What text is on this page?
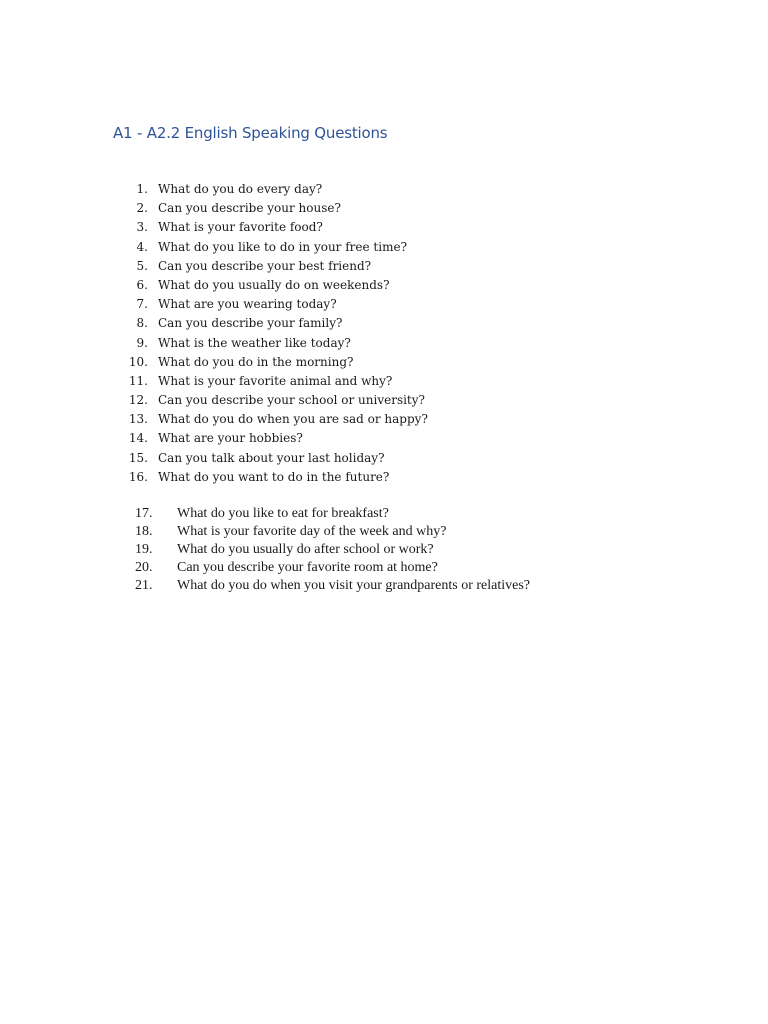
A1 - A2.2 English Speaking Questions
1. What do you do every day?
2. Can you describe your house?
3. What is your favorite food?
4. What do you like to do in your free time?
5. Can you describe your best friend?
6. What do you usually do on weekends?
7. What are you wearing today?
8. Can you describe your family?
9. What is the weather like today?
10. What do you do in the morning?
11. What is your favorite animal and why?
12. Can you describe your school or university?
13. What do you do when you are sad or happy?
14. What are your hobbies?
15. Can you talk about your last holiday?
16. What do you want to do in the future?
17. What do you like to eat for breakfast?
18. What is your favorite day of the week and why?
19. What do you usually do after school or work?
20. Can you describe your favorite room at home?
21. What do you do when you visit your grandparents or relatives?
